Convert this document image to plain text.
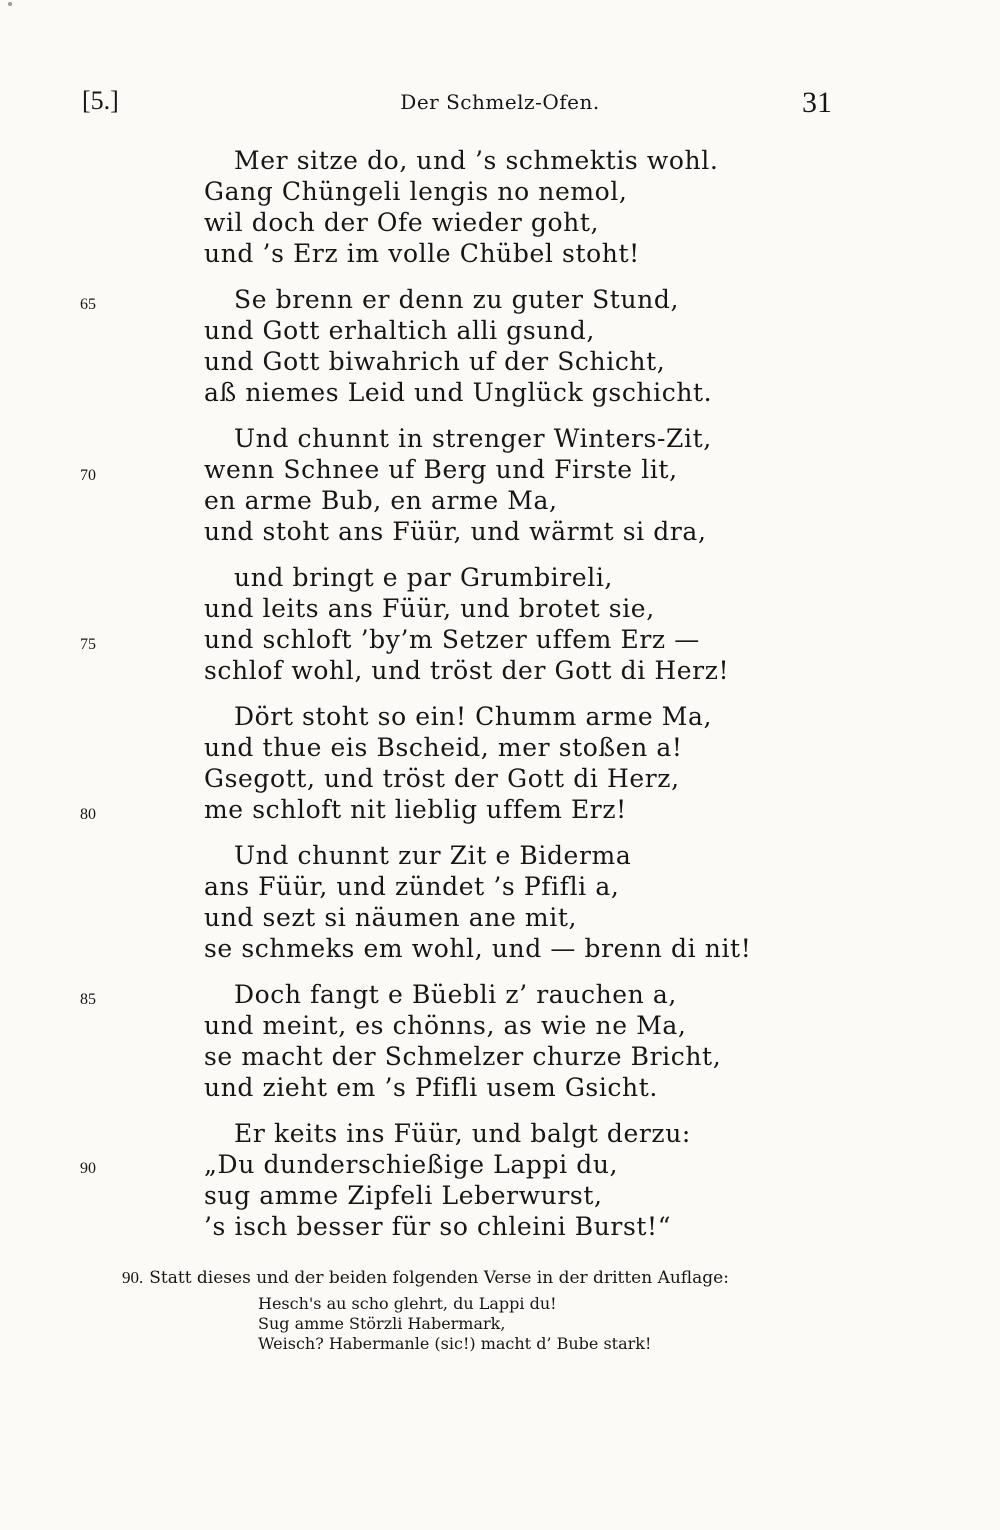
[5.]	Der Schmelz-Ofen.	31
Mer sitze do, und ’s schmektis wohl.
Gang Chüngeli lengis no nemol,
wil doch der Ofe wieder goht,
und ’s Erz im volle Chübel stoht!
65	Se brenn er denn zu guter Stund,
und Gott erhaltich alli gsund,
und Gott biwahrich uf der Schicht,
aß niemes Leid und Unglück gschicht.
Und chunnt in strenger Winters-Zit,
70	wenn Schnee uf Berg und Firste lit,
en arme Bub, en arme Ma,
und stoht ans Füür, und wärmt si dra,
und bringt e par Grumbireli,
und leits ans Füür, und brotet sie,
75	und schloft ’by’m Setzer uffem Erz —
schlof wohl, und tröst der Gott di Herz!
Dört stoht so ein! Chumm arme Ma,
und thue eis Bscheid, mer stoßen a!
Gsegott, und tröst der Gott di Herz,
80	me schloft nit lieblig uffem Erz!
Und chunnt zur Zit e Biderma
ans Füür, und zündet ’s Pfifli a,
und sezt si näumen ane mit,
se schmeks em wohl, und — brenn di nit!
85	Doch fangt e Büebli z’ rauchen a,
und meint, es chönns, as wie ne Ma,
se macht der Schmelzer churze Bricht,
und zieht em ’s Pfifli usem Gsicht.
Er keits ins Füür, und balgt derzu:
90	„Du dunderschießige Lappi du,
sug amme Zipfeli Leberwurst,
’s isch besser für so chleini Burst!“
90. Statt dieses und der beiden folgenden Verse in der dritten Auflage:
Hesch's au scho glehrt, du Lappi du!
Sug amme Störzli Habermark,
Weisch? Habermanle (sic!) macht d’ Bube stark!
